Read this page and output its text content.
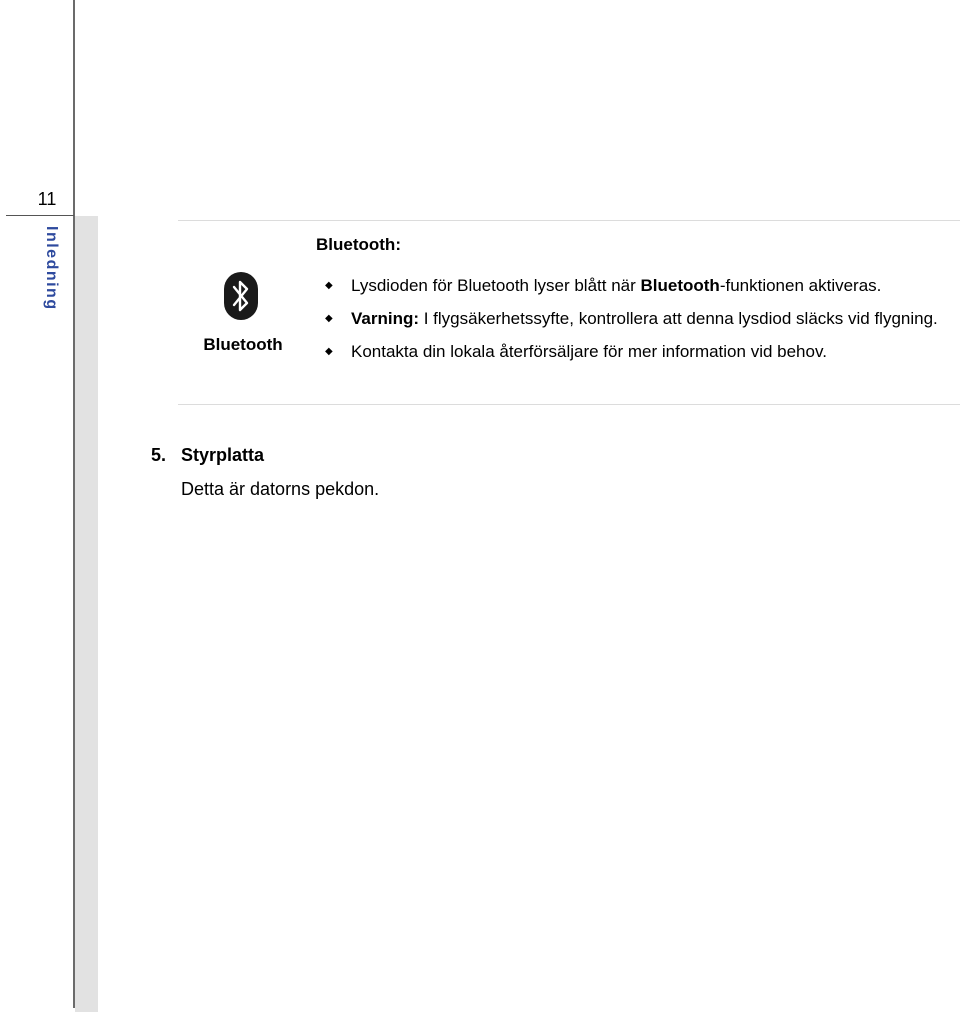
11
Inledning
Bluetooth
Bluetooth:
◆ Lysdioden för Bluetooth lyser blått när Bluetooth-funktionen aktiveras.
◆ Varning: I flygsäkerhetssyfte, kontrollera att denna lysdiod släcks vid flygning.
◆ Kontakta din lokala återförsäljare för mer information vid behov.
5. Styrplatta
Detta är datorns pekdon.
